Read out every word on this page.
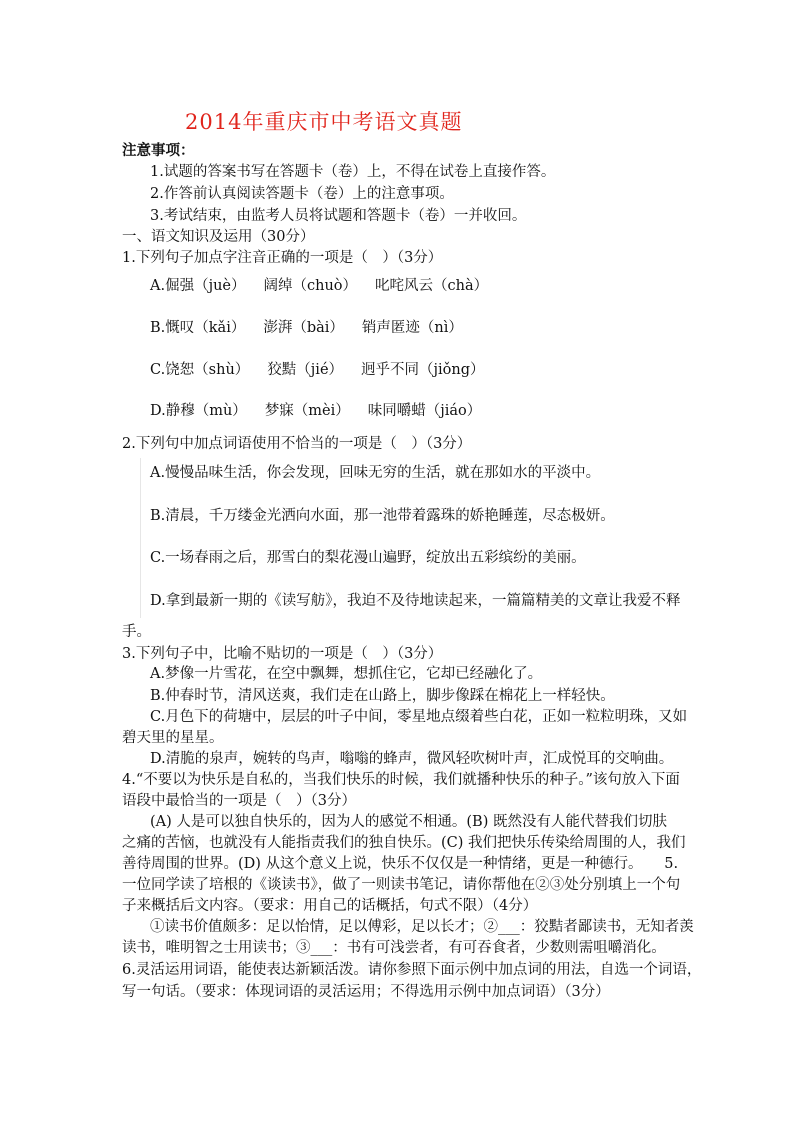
2014年重庆市中考语文真题
注意事项：
1.试题的答案书写在答题卡（卷）上，不得在试卷上直接作答。
2.作答前认真阅读答题卡（卷）上的注意事项。
3.考试结束，由监考人员将试题和答题卡（卷）一并收回。
一、语文知识及运用（30分）
1.下列句子加点字注音正确的一项是（　）（3分）
A.倔强（juè） 阔绰（chuò） 叱咤风云（chà）
B.慨叹（kǎi） 澎湃（bài） 销声匿迹（nì）
C.饶恕（shù） 狡黠（jié） 迥乎不同（jiǒng）
D.静穆（mù） 梦寐（mèi） 味同嚼蜡（jiáo）
2.下列句中加点词语使用不恰当的一项是（　）（3分）
A.慢慢品味生活，你会发现，回味无穷的生活，就在那如水的平淡中。
B.清晨，千万缕金光洒向水面，那一池带着露珠的娇艳睡莲，尽态极妍。
C.一场春雨之后，那雪白的梨花漫山遍野，绽放出五彩缤纷的美丽。
D.拿到最新一期的《读写舫》，我迫不及待地读起来，一篇篇精美的文章让我爱不释
手。
3.下列句子中，比喻不贴切的一项是（　）（3分）
A.梦像一片雪花，在空中飘舞，想抓住它，它却已经融化了。
B.仲春时节，清风送爽，我们走在山路上，脚步像踩在棉花上一样轻快。
C.月色下的荷塘中，层层的叶子中间，零星地点缀着些白花，正如一粒粒明珠，又如
碧天里的星星。
D.清脆的泉声，婉转的鸟声，嗡嗡的蜂声，微风轻吹树叶声，汇成悦耳的交响曲。
4.“不要以为快乐是自私的，当我们快乐的时候，我们就播种快乐的种子。”该句放入下面
语段中最恰当的一项是（　）（3分）
(A) 人是可以独自快乐的，因为人的感觉不相通。(B) 既然没有人能代替我们切肤
之痛的苦恼，也就没有人能指责我们的独自快乐。(C) 我们把快乐传染给周围的人，我们
善待周围的世界。(D) 从这个意义上说，快乐不仅仅是一种情绪，更是一种德行。　　5.
一位同学读了培根的《谈读书》，做了一则读书笔记，请你帮他在②③处分别填上一个句
子来概括后文内容。（要求：用自己的话概括，句式不限）（4分）
①读书价值颇多：足以怡情，足以傅彩，足以长才；②___：狡黠者鄙读书，无知者羡
读书，唯明智之士用读书；③___：书有可浅尝者，有可吞食者，少数则需咀嚼消化。
6.灵活运用词语，能使表达新颖活泼。请你参照下面示例中加点词的用法，自选一个词语，
写一句话。（要求：体现词语的灵活运用；不得选用示例中加点词语）（3分）
